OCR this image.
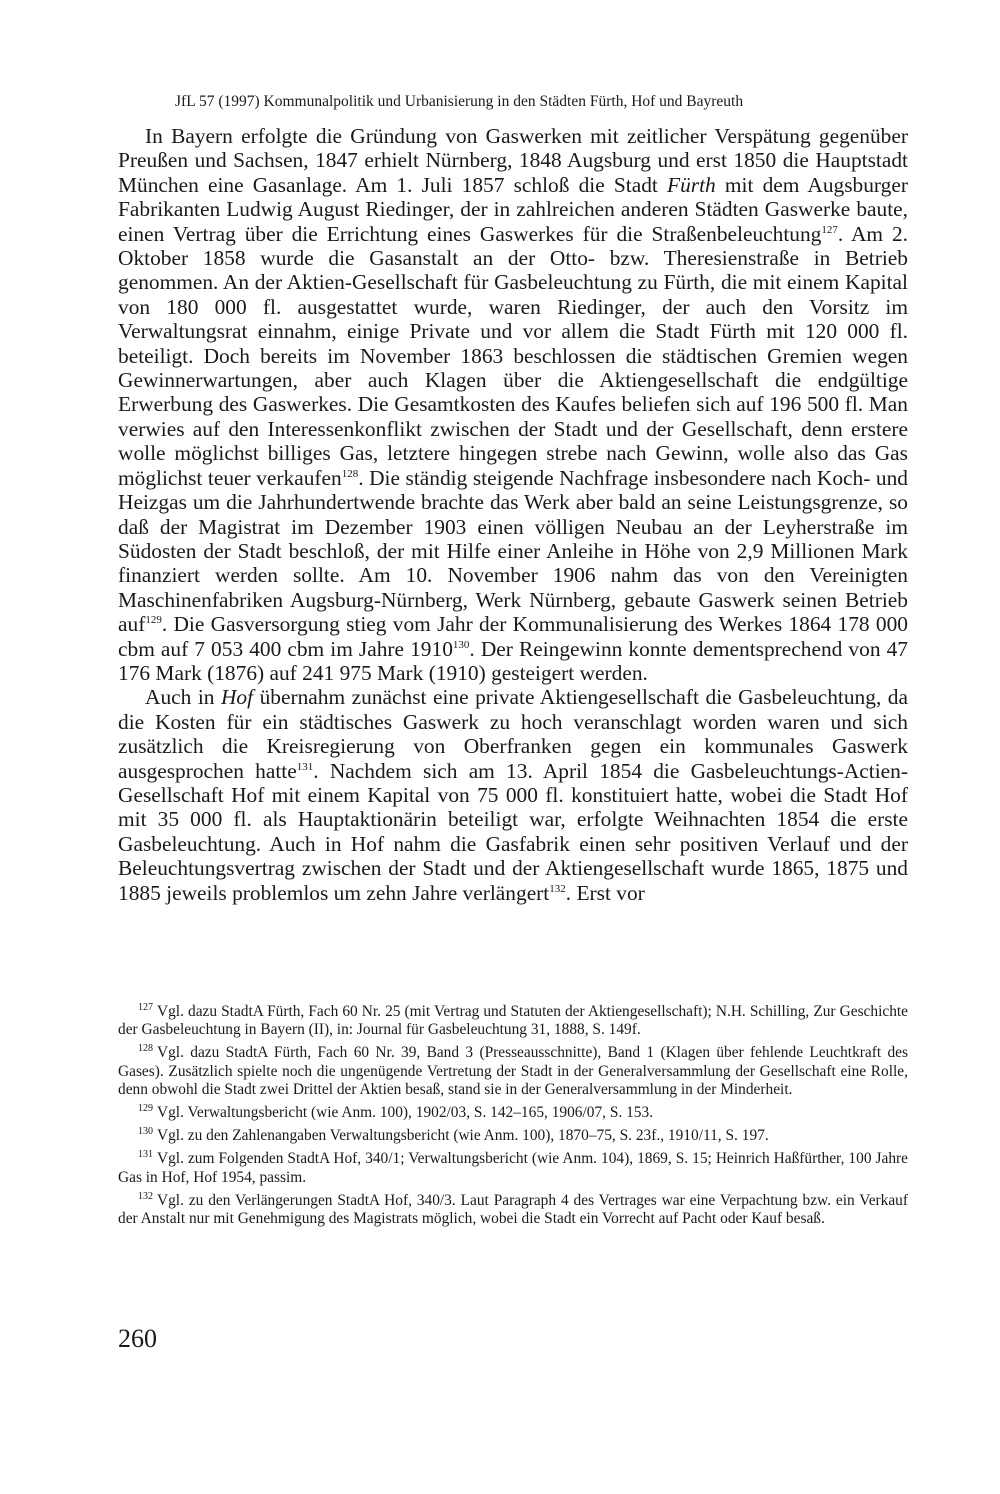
JfL 57 (1997) Kommunalpolitik und Urbanisierung in den Städten Fürth, Hof und Bayreuth

In Bayern erfolgte die Gründung von Gaswerken mit zeitlicher Verspätung gegenüber Preußen und Sachsen, 1847 erhielt Nürnberg, 1848 Augsburg und erst 1850 die Hauptstadt München eine Gasanlage. Am 1. Juli 1857 schloß die Stadt Fürth mit dem Augsburger Fabrikanten Ludwig August Riedinger, der in zahlreichen anderen Städten Gaswerke baute, einen Vertrag über die Errichtung eines Gaswerkes für die Straßenbeleuchtung$^{127}$. Am 2. Oktober 1858 wurde die Gasanstalt an der Otto- bzw. Theresienstraße in Betrieb genommen. An der Aktien-Gesellschaft für Gasbeleuchtung zu Fürth, die mit einem Kapital von 180 000 fl. ausgestattet wurde, waren Riedinger, der auch den Vorsitz im Verwaltungsrat einnahm, einige Private und vor allem die Stadt Fürth mit 120 000 fl. beteiligt. Doch bereits im November 1863 beschlossen die städtischen Gremien wegen Gewinnerwartungen, aber auch Klagen über die Aktiengesellschaft die endgültige Erwerbung des Gaswerkes. Die Gesamtkosten des Kaufes beliefen sich auf 196 500 fl. Man verwies auf den Interessenkonflikt zwischen der Stadt und der Gesellschaft, denn erstere wolle möglichst billiges Gas, letztere hingegen strebe nach Gewinn, wolle also das Gas möglichst teuer verkaufen$^{128}$. Die ständig steigende Nachfrage insbesondere nach Koch- und Heizgas um die Jahrhundertwende brachte das Werk aber bald an seine Leistungsgrenze, so daß der Magistrat im Dezember 1903 einen völligen Neubau an der Leyherstraße im Südosten der Stadt beschloß, der mit Hilfe einer Anleihe in Höhe von 2,9 Millionen Mark finanziert werden sollte. Am 10. November 1906 nahm das von den Vereinigten Maschinenfabriken Augsburg-Nürnberg, Werk Nürnberg, gebaute Gaswerk seinen Betrieb auf$^{129}$. Die Gasversorgung stieg vom Jahr der Kommunalisierung des Werkes 1864 178 000 cbm auf 7 053 400 cbm im Jahre 1910$^{130}$. Der Reingewinn konnte dementsprechend von 47 176 Mark (1876) auf 241 975 Mark (1910) gesteigert werden.

Auch in Hof übernahm zunächst eine private Aktiengesellschaft die Gasbeleuchtung, da die Kosten für ein städtisches Gaswerk zu hoch veranschlagt worden waren und sich zusätzlich die Kreisregierung von Oberfranken gegen ein kommunales Gaswerk ausgesprochen hatte$^{131}$. Nachdem sich am 13. April 1854 die Gasbeleuchtungs-Actien-Gesellschaft Hof mit einem Kapital von 75 000 fl. konstituiert hatte, wobei die Stadt Hof mit 35 000 fl. als Hauptaktionärin beteiligt war, erfolgte Weihnachten 1854 die erste Gasbeleuchtung. Auch in Hof nahm die Gasfabrik einen sehr positiven Verlauf und der Beleuchtungsvertrag zwischen der Stadt und der Aktiengesellschaft wurde 1865, 1875 und 1885 jeweils problemlos um zehn Jahre verlängert$^{132}$. Erst vor

$^{127}$ Vgl. dazu StadtA Fürth, Fach 60 Nr. 25 (mit Vertrag und Statuten der Aktiengesellschaft); N.H. Schilling, Zur Geschichte der Gasbeleuchtung in Bayern (II), in: Journal für Gasbeleuchtung 31, 1888, S. 149f.

$^{128}$ Vgl. dazu StadtA Fürth, Fach 60 Nr. 39, Band 3 (Presseausschnitte), Band 1 (Klagen über fehlende Leuchtkraft des Gases). Zusätzlich spielte noch die ungenügende Vertretung der Stadt in der Generalversammlung der Gesellschaft eine Rolle, denn obwohl die Stadt zwei Drittel der Aktien besaß, stand sie in der Generalversammlung in der Minderheit.

$^{129}$ Vgl. Verwaltungsbericht (wie Anm. 100), 1902/03, S. 142–165, 1906/07, S. 153.

$^{130}$ Vgl. zu den Zahlenangaben Verwaltungsbericht (wie Anm. 100), 1870–75, S. 23f., 1910/11, S. 197.

$^{131}$ Vgl. zum Folgenden StadtA Hof, 340/1; Verwaltungsbericht (wie Anm. 104), 1869, S. 15; Heinrich Haßfürther, 100 Jahre Gas in Hof, Hof 1954, passim.

$^{132}$ Vgl. zu den Verlängerungen StadtA Hof, 340/3. Laut Paragraph 4 des Vertrages war eine Verpachtung bzw. ein Verkauf der Anstalt nur mit Genehmigung des Magistrats möglich, wobei die Stadt ein Vorrecht auf Pacht oder Kauf besaß.

260
